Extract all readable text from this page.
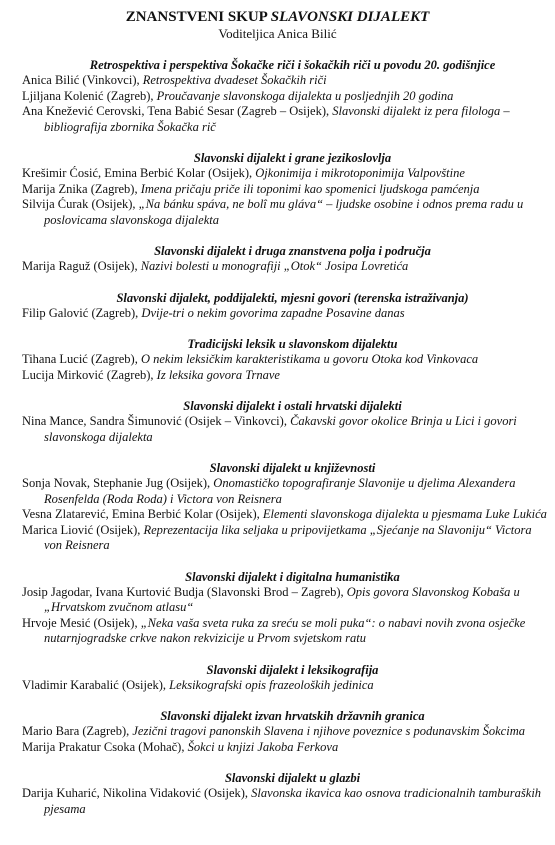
ZNANSTVENI SKUP SLAVONSKI DIJALEKT
Voditeljica Anica Bilić
Retrospektiva i perspektiva Šokačke riči i šokačkih riči u povodu 20. godišnjice
Anica Bilić (Vinkovci), Retrospektiva dvadeset Šokačkih riči
Ljiljana Kolenić (Zagreb), Proučavanje slavonskoga dijalekta u posljednjih 20 godina
Ana Knežević Cerovski, Tena Babić Sesar (Zagreb – Osijek), Slavonski dijalekt iz pera filologa – bibliografija zbornika Šokačka rič
Slavonski dijalekt i grane jezikoslovlja
Krešimir Ćosić, Emina Berbić Kolar (Osijek), Ojkonimija i mikrotoponimija Valpovštine
Marija Znika (Zagreb), Imena pričaju priče ili toponimi kao spomenici ljudskoga pamćenja
Silvija Ćurak (Osijek), „Na bánku spáva, ne bolî mu gláva“ – ljudske osobine i odnos prema radu u poslovicama slavonskoga dijalekta
Slavonski dijalekt i druga znanstvena polja i područja
Marija Raguž (Osijek), Nazivi bolesti u monografiji „Otok“ Josipa Lovretića
Slavonski dijalekt, poddijalekti, mjesni govori (terenska istraživanja)
Filip Galović (Zagreb), Dvije-tri o nekim govorima zapadne Posavine danas
Tradicijski leksik u slavonskom dijalektu
Tihana Lucić (Zagreb), O nekim leksičkim karakteristikama u govoru Otoka kod Vinkovaca
Lucija Mirković (Zagreb), Iz leksika govora Trnave
Slavonski dijalekt i ostali hrvatski dijalekti
Nina Mance, Sandra Šimunović (Osijek – Vinkovci), Čakavski govor okolice Brinja u Lici i govori slavonskoga dijalekta
Slavonski dijalekt u književnosti
Sonja Novak, Stephanie Jug (Osijek), Onomastičko topografiranje Slavonije u djelima Alexandera Rosenfelda (Roda Roda) i Victora von Reisnera
Vesna Zlatarević, Emina Berbić Kolar (Osijek), Elementi slavonskoga dijalekta u pjesmama Luke Lukića
Marica Liović (Osijek), Reprezentacija lika seljaka u pripovijetkama „Sjećanje na Slavoniju“ Victora von Reisnera
Slavonski dijalekt i digitalna humanistika
Josip Jagodar, Ivana Kurtović Budja (Slavonski Brod – Zagreb), Opis govora Slavonskog Kobaša u „Hrvatskom zvučnom atlasu“
Hrvoje Mesić (Osijek), „Neka vaša sveta ruka za sreću se moli puka“: o nabavi novih zvona osječke nutarnjogradske crkve nakon rekvizicije u Prvom svjetskom ratu
Slavonski dijalekt i leksikografija
Vladimir Karabalić (Osijek), Leksikografski opis frazeoloških jedinica
Slavonski dijalekt izvan hrvatskih državnih granica
Mario Bara (Zagreb), Jezični tragovi panonskih Slavena i njihove poveznice s podunavskim Šokcima
Marija Prakatur Csoka (Mohač), Šokci u knjizi Jakoba Ferkova
Slavonski dijalekt u glazbi
Darija Kuharić, Nikolina Vidaković (Osijek), Slavonska ikavica kao osnova tradicionalnih tamburaških pjesama
